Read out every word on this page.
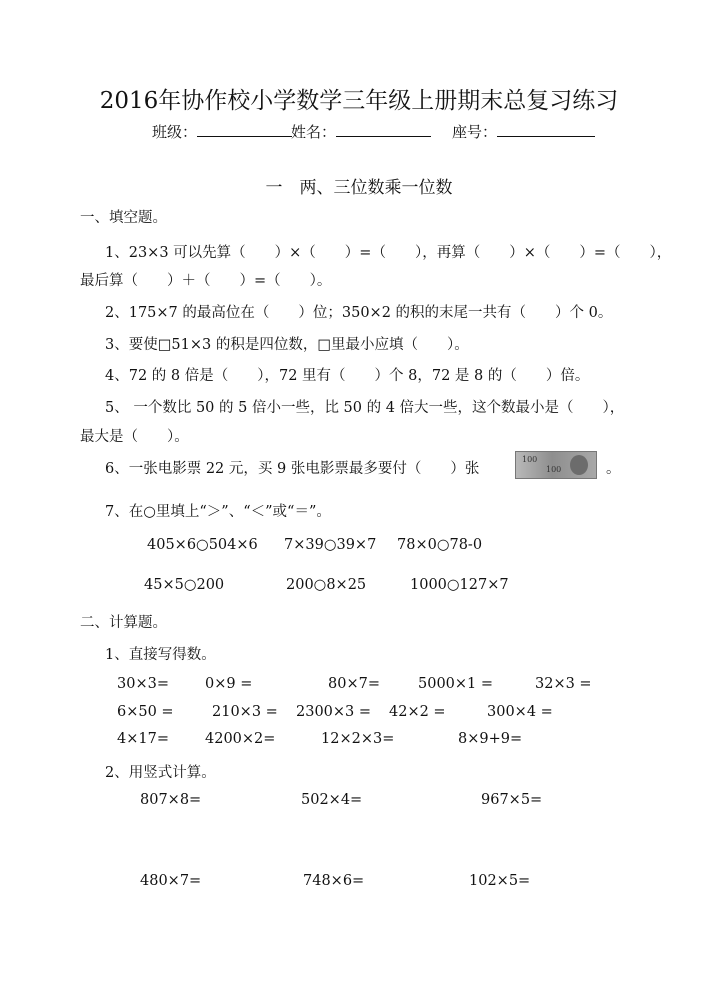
2016年协作校小学数学三年级上册期末总复习练习
班级：	姓名：	座号：
一　两、三位数乘一位数
一、填空题。
1、23×3 可以先算（　　）×（　　）=（　　），再算（　　）×（　　）=（　　），
最后算（　　）＋（　　）=（　　）。
2、175×7 的最高位在（　　）位；350×2 的积的末尾一共有（　　）个 0。
3、要使□51×3 的积是四位数，□里最小应填（　　）。
4、72 的 8 倍是（　　），72 里有（　　）个 8，72 是 8 的（　　）倍。
5、 一个数比 50 的 5 倍小一些，比 50 的 4 倍大一些，这个数最小是（　　），
最大是（　　）。
6、一张电影票 22 元，买 9 张电影票最多要付（　　）张
100
100	。
7、在○里填上“＞”、“＜”或“＝”。
405×6○504×6 7×39○39×7 78×0○78-0
45×5○200	200○8×25	1000○127×7
二、计算题。
1、直接写得数。
30×3= 0×9 =	80×7=	5000×1 =	32×3 =
6×50 =	210×3 = 2300×3 = 42×2 =	300×4 =
4×17= 4200×2=	12×2×3=	8×9+9=
2、用竖式计算。
807×8=	502×4=	967×5=
480×7=	748×6=	102×5=
